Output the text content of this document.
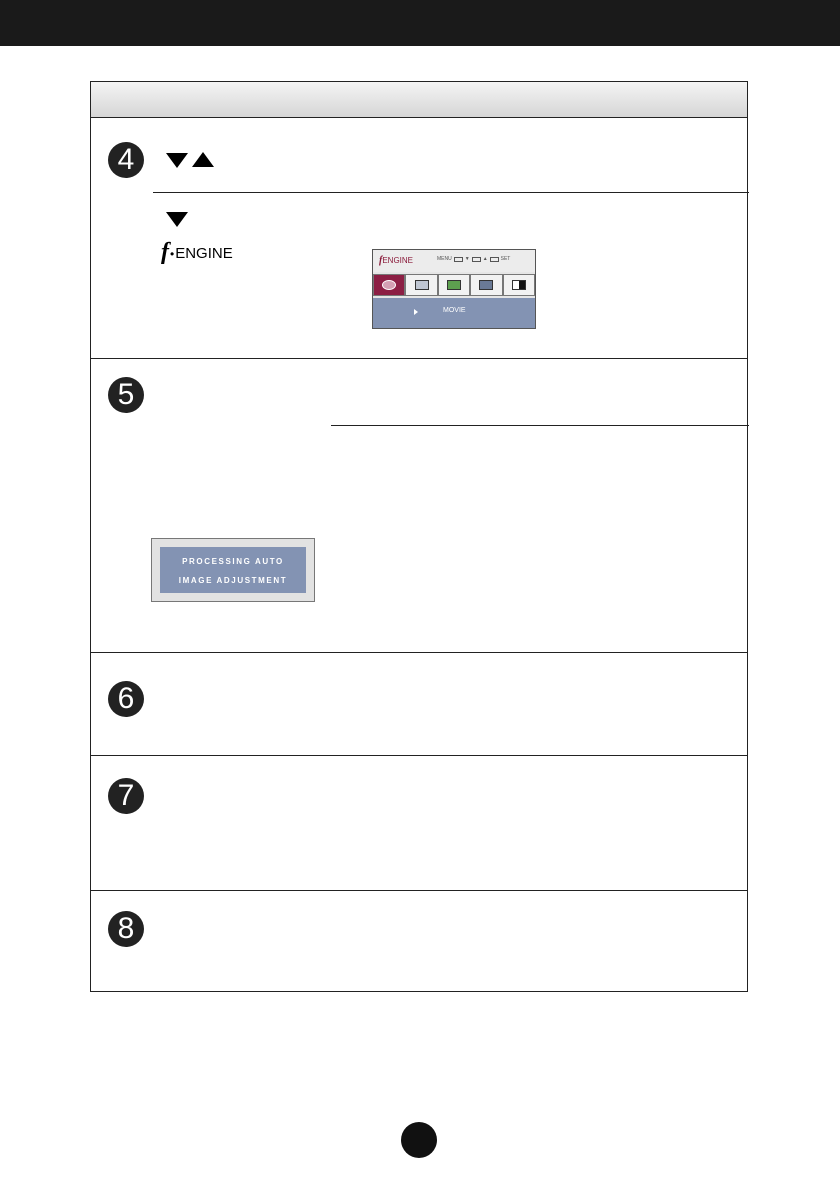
4
f • ENGINE	fENGINE	MENU	▼	▲	SET
MOVIE
5
PROCESSING AUTO
IMAGE ADJUSTMENT
6
7
8
